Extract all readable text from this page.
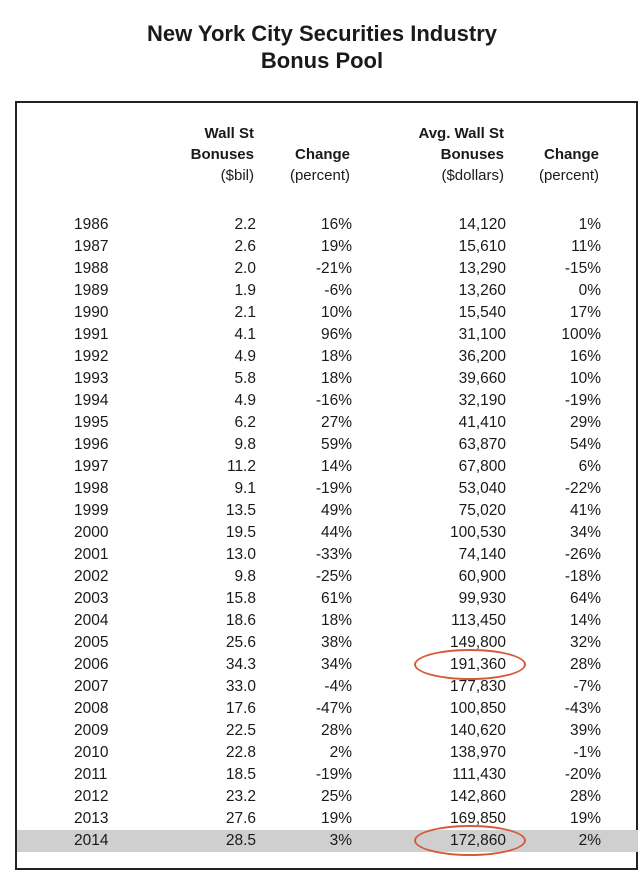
New York City Securities Industry
Bonus Pool
Wall St
Bonuses
($bil)
Change
(percent)
Avg. Wall St
Bonuses
($dollars)
Change
(percent)
1986	2.2	16%	14,120	1%
1987	2.6	19%	15,610	11%
1988	2.0	-21%	13,290	-15%
1989	1.9	-6%	13,260	0%
1990	2.1	10%	15,540	17%
1991	4.1	96%	31,100	100%
1992	4.9	18%	36,200	16%
1993	5.8	18%	39,660	10%
1994	4.9	-16%	32,190	-19%
1995	6.2	27%	41,410	29%
1996	9.8	59%	63,870	54%
1997	11.2	14%	67,800	6%
1998	9.1	-19%	53,040	-22%
1999	13.5	49%	75,020	41%
2000	19.5	44%	100,530	34%
2001	13.0	-33%	74,140	-26%
2002	9.8	-25%	60,900	-18%
2003	15.8	61%	99,930	64%
2004	18.6	18%	113,450	14%
2005	25.6	38%	149,800	32%
2006	34.3	34%	191,360	28%
2007	33.0	-4%	177,830	-7%
2008	17.6	-47%	100,850	-43%
2009	22.5	28%	140,620	39%
2010	22.8	2%	138,970	-1%
2011	18.5	-19%	111,430	-20%
2012	23.2	25%	142,860	28%
2013	27.6	19%	169,850	19%
2014	28.5	3%	172,860	2%
